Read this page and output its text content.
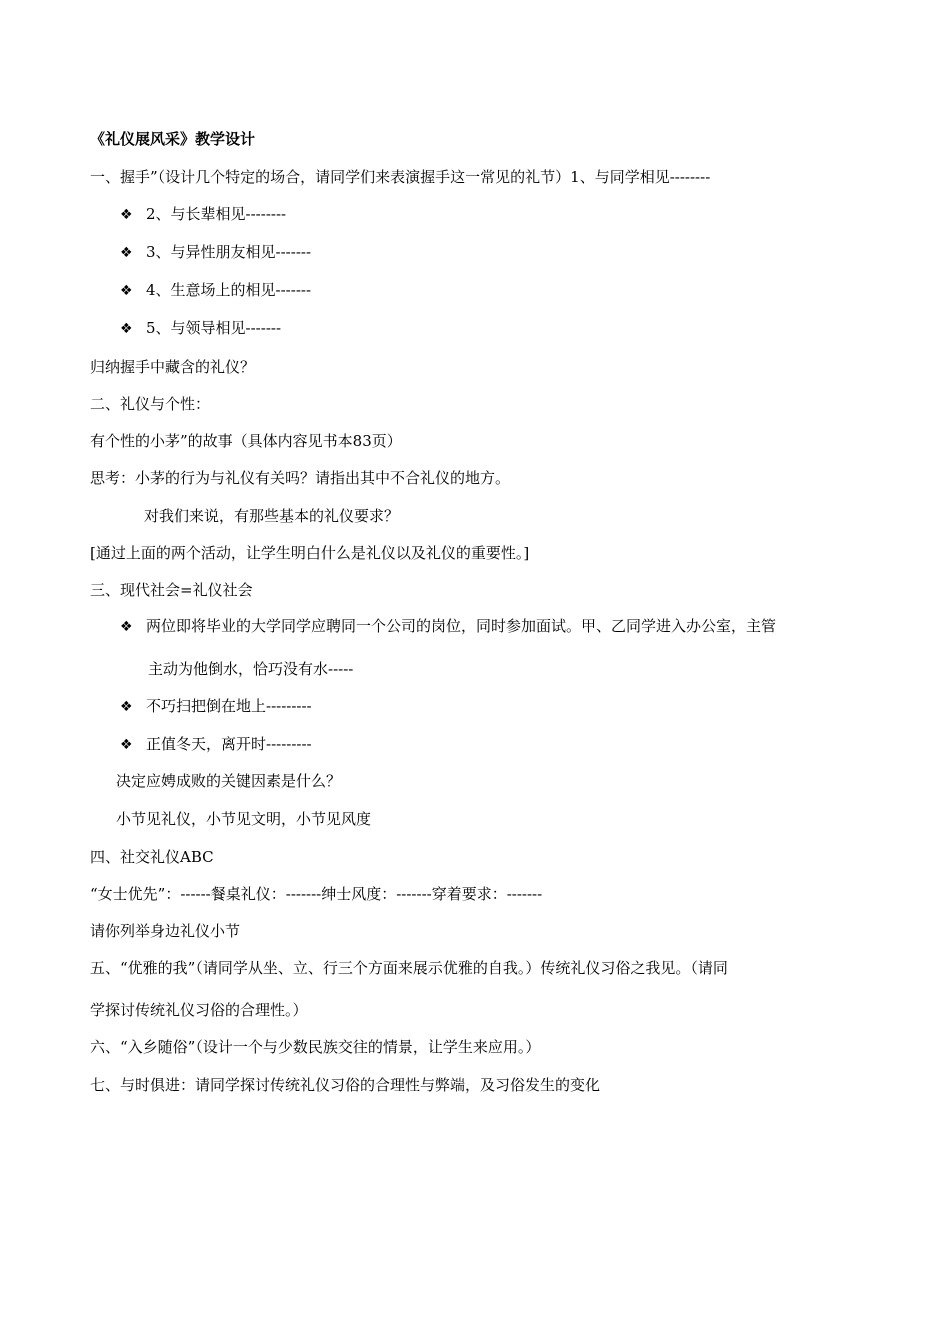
《礼仪展风采》教学设计
一、握手”（设计几个特定的场合，请同学们来表演握手这一常见的礼节）1、与同学相见--------
❖ 2、与长辈相见--------
❖ 3、与异性朋友相见-------
❖ 4、生意场上的相见-------
❖ 5、与领导相见-------
归纳握手中藏含的礼仪？
二、礼仪与个性：
有个性的小茅”的故事（具体内容见书本83页）
思考：小茅的行为与礼仪有关吗？请指出其中不合礼仪的地方。
对我们来说，有那些基本的礼仪要求？
[通过上面的两个活动，让学生明白什么是礼仪以及礼仪的重要性。]
三、现代社会=礼仪社会
❖ 两位即将毕业的大学同学应聘同一个公司的岗位，同时参加面试。甲、乙同学进入办公室，主管
主动为他倒水，恰巧没有水-----
❖ 不巧扫把倒在地上---------
❖ 正值冬天，离开时---------
决定应娉成败的关键因素是什么？
小节见礼仪，小节见文明，小节见风度
四、社交礼仪ABC
“女士优先”：------餐桌礼仪：-------绅士风度：-------穿着要求：-------
请你列举身边礼仪小节
五、“优雅的我”（请同学从坐、立、行三个方面来展示优雅的自我。）传统礼仪习俗之我见。（请同
学探讨传统礼仪习俗的合理性。）
六、“入乡随俗”（设计一个与少数民族交往的情景，让学生来应用。）
七、与时俱进：请同学探讨传统礼仪习俗的合理性与弊端，及习俗发生的变化
